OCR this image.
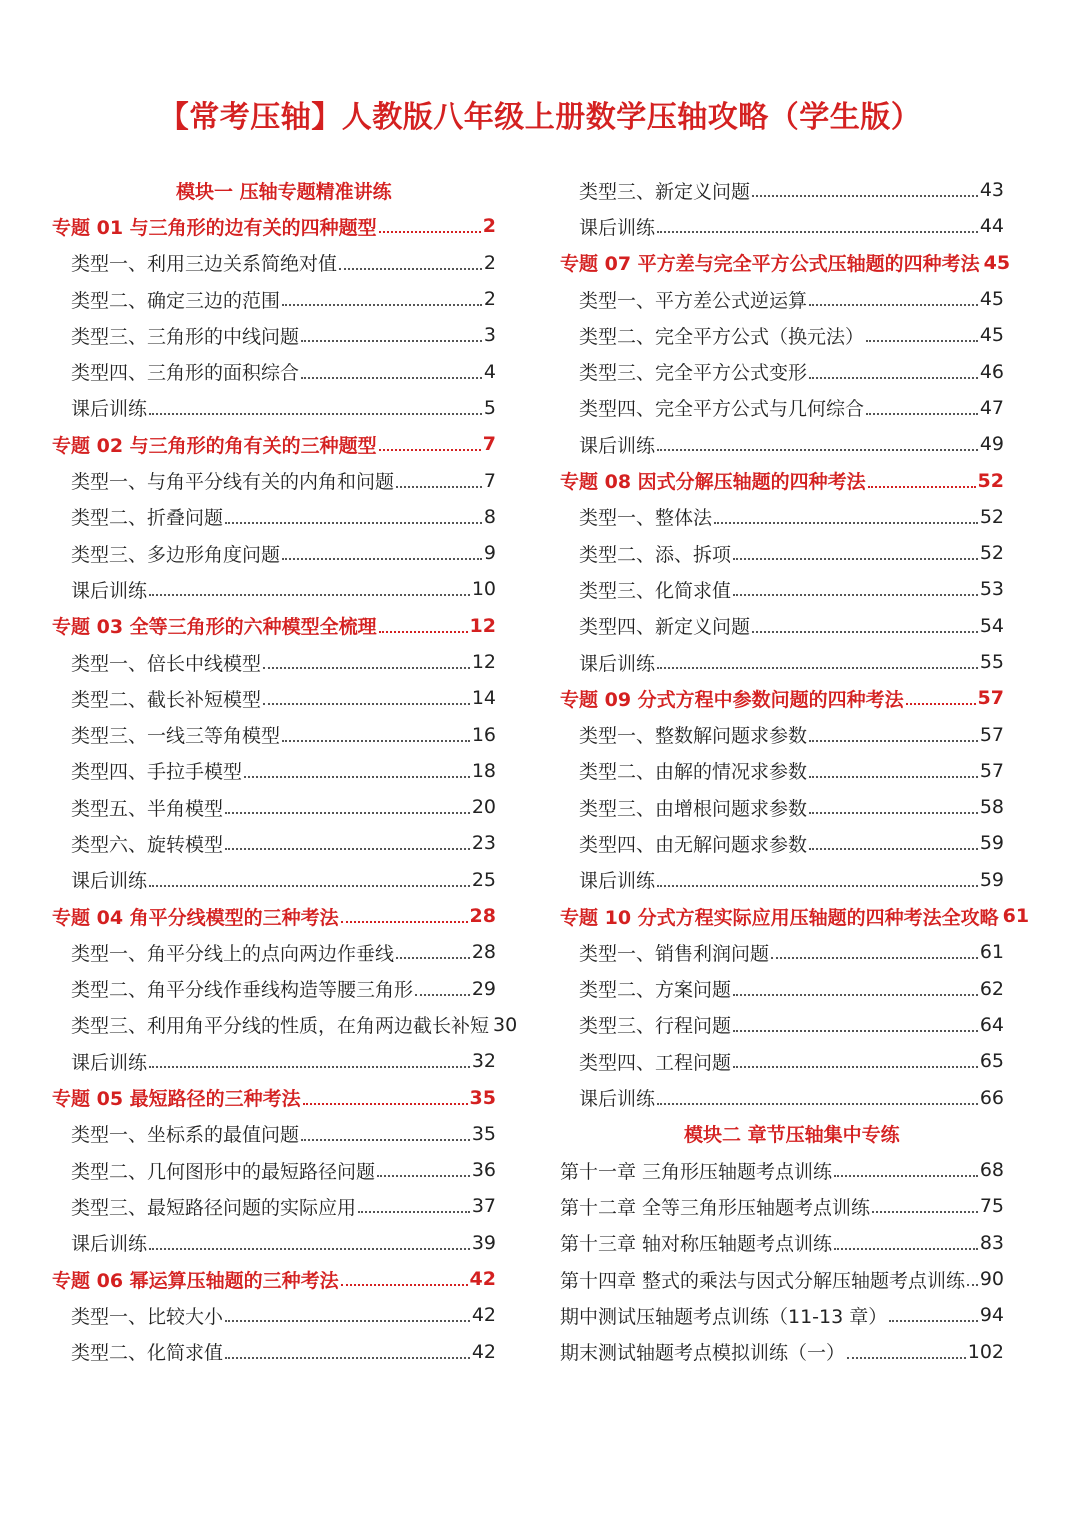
【常考压轴】人教版八年级上册数学压轴攻略（学生版）
模块一 压轴专题精准讲练
专题 01 与三角形的边有关的四种题型	2
类型一、利用三边关系简绝对值	2
类型二、确定三边的范围	2
类型三、三角形的中线问题	3
类型四、三角形的面积综合	4
课后训练	5
专题 02 与三角形的角有关的三种题型	7
类型一、与角平分线有关的内角和问题	7
类型二、折叠问题	8
类型三、多边形角度问题	9
课后训练	10
专题 03 全等三角形的六种模型全梳理	12
类型一、倍长中线模型	12
类型二、截长补短模型	14
类型三、一线三等角模型	16
类型四、手拉手模型	18
类型五、半角模型	20
类型六、旋转模型	23
课后训练	25
专题 04 角平分线模型的三种考法	28
类型一、角平分线上的点向两边作垂线	28
类型二、角平分线作垂线构造等腰三角形	29
类型三、利用角平分线的性质，在角两边截长补短 30
课后训练	32
专题 05 最短路径的三种考法	35
类型一、坐标系的最值问题	35
类型二、几何图形中的最短路径问题	36
类型三、最短路径问题的实际应用	37
课后训练	39
专题 06 幂运算压轴题的三种考法	42
类型一、比较大小	42
类型二、化简求值	42
类型三、新定义问题	43
课后训练	44
专题 07 平方差与完全平方公式压轴题的四种考法 45
类型一、平方差公式逆运算	45
类型二、完全平方公式（换元法）	45
类型三、完全平方公式变形	46
类型四、完全平方公式与几何综合	47
课后训练	49
专题 08 因式分解压轴题的四种考法	52
类型一、整体法	52
类型二、添、拆项	52
类型三、化简求值	53
类型四、新定义问题	54
课后训练	55
专题 09 分式方程中参数问题的四种考法	57
类型一、整数解问题求参数	57
类型二、由解的情况求参数	57
类型三、由增根问题求参数	58
类型四、由无解问题求参数	59
课后训练	59
专题 10 分式方程实际应用压轴题的四种考法全攻略 61
类型一、销售利润问题	61
类型二、方案问题	62
类型三、行程问题	64
类型四、工程问题	65
课后训练	66
模块二 章节压轴集中专练
第十一章 三角形压轴题考点训练	68
第十二章 全等三角形压轴题考点训练	75
第十三章 轴对称压轴题考点训练	83
第十四章 整式的乘法与因式分解压轴题考点训练 90
期中测试压轴题考点训练（11-13 章）	94
期末测试轴题考点模拟训练（一）	102
